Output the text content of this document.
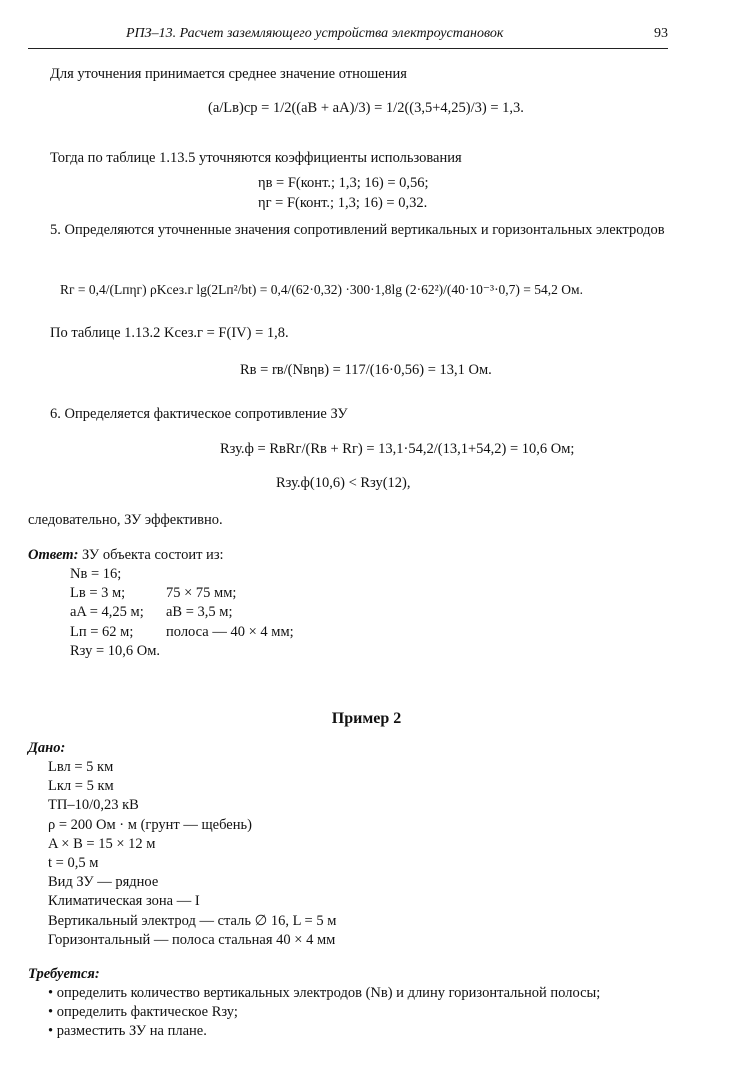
РПЗ–13. Расчет заземляющего устройства электроустановок	93
Для уточнения принимается среднее значение отношения
(a/Lв)ср = 1/2((aB + aA)/3) = 1/2((3,5+4,25)/3) = 1,3.
Тогда по таблице 1.13.5 уточняются коэффициенты использования
ηв = F(конт.; 1,3; 16) = 0,56;
ηг = F(конт.; 1,3; 16) = 0,32.
5. Определяются уточненные значения сопротивлений вертикальных и горизонтальных электродов
Rг = 0,4/(Lпηг) ρKсез.г lg(2Lп²/bt) = 0,4/(62·0,32) ·300·1,8lg (2·62²)/(40·10⁻³·0,7) = 54,2 Ом.
По таблице 1.13.2 Kсез.г = F(IV) = 1,8.
Rв = rв/(Nвηв) = 117/(16·0,56) = 13,1 Ом.
6. Определяется фактическое сопротивление ЗУ
Rзу.ф = RвRг/(Rв + Rг) = 13,1·54,2/(13,1+54,2) = 10,6 Ом;
Rзу.ф(10,6) < Rзу(12),
следовательно, ЗУ эффективно.
Ответ: ЗУ объекта состоит из:
Nв = 16;
Lв = 3 м;	75 × 75 мм;
aA = 4,25 м; aB = 3,5 м;
Lп = 62 м; полоса — 40 × 4 мм;
Rзу = 10,6 Ом.
Пример 2
Дано:
Lвл = 5 км
Lкл = 5 км
ТП–10/0,23 кВ
ρ = 200 Ом · м (грунт — щебень)
A × B = 15 × 12 м
t = 0,5 м
Вид ЗУ — рядное
Климатическая зона — I
Вертикальный электрод — сталь ∅ 16, L = 5 м
Горизонтальный — полоса стальная 40 × 4 мм
Требуется:
• определить количество вертикальных электродов (Nв) и длину горизонтальной полосы;
• определить фактическое Rзу;
• разместить ЗУ на плане.
